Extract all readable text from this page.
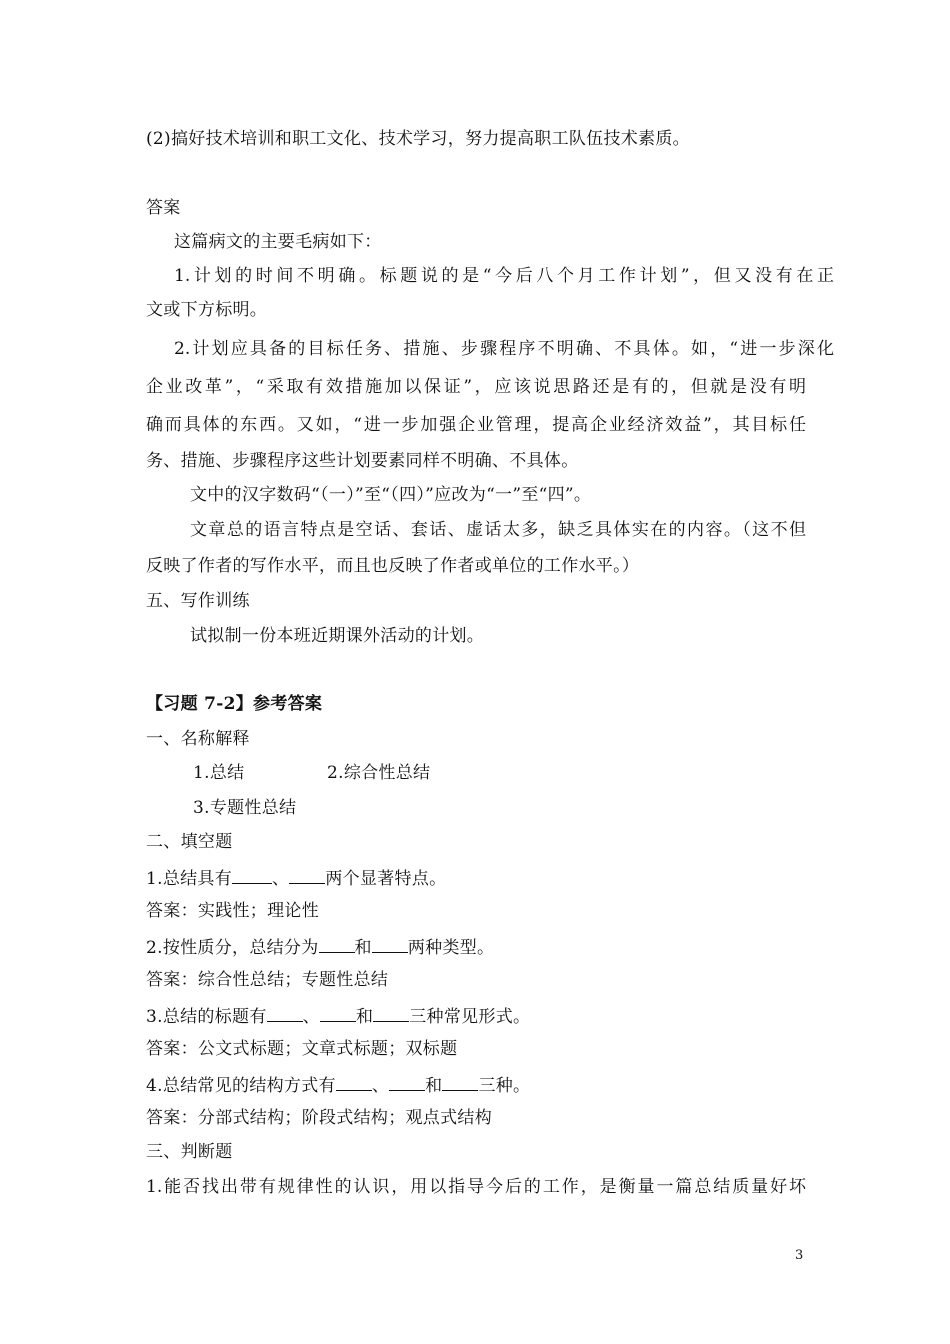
(2)搞好技术培训和职工文化、技术学习，努力提高职工队伍技术素质。
答案
这篇病文的主要毛病如下：
1.计划的时间不明确。标题说的是“今后八个月工作计划”，但又没有在正
文或下方标明。
2.计划应具备的目标任务、措施、步骤程序不明确、不具体。如，“进一步深化
企业改革”，“采取有效措施加以保证”，应该说思路还是有的，但就是没有明
确而具体的东西。又如，“进一步加强企业管理，提高企业经济效益”，其目标任
务、措施、步骤程序这些计划要素同样不明确、不具体。
文中的汉字数码“（一）”至“（四）”应改为“一”至“四”。
文章总的语言特点是空话、套话、虚话太多，缺乏具体实在的内容。（这不但
反映了作者的写作水平，而且也反映了作者或单位的工作水平。）
五、写作训练
试拟制一份本班近期课外活动的计划。
【习题 7-2】参考答案
一、名称解释
1.总结	2.综合性总结
3.专题性总结
二、填空题
1.总结具有 、 两个显著特点。
答案：实践性；理论性
2.按性质分，总结分为 和 两种类型。
答案：综合性总结；专题性总结
3.总结的标题有 、 和 三种常见形式。
答案：公文式标题；文章式标题；双标题
4.总结常见的结构方式有 、 和 三种。
答案：分部式结构；阶段式结构；观点式结构
三、判断题
1.能否找出带有规律性的认识，用以指导今后的工作，是衡量一篇总结质量好坏
3
